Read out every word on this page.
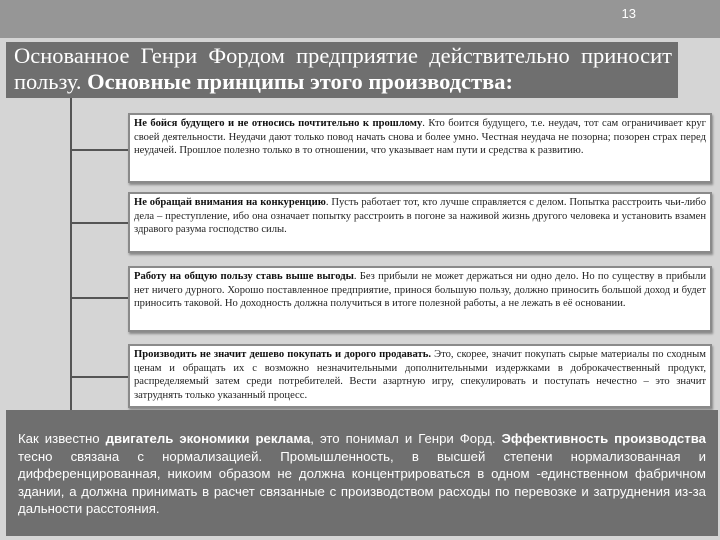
13
Основанное Генри Фордом предприятие действительно приносит пользу. Основные принципы этого производства:
Не бойся будущего и не относись почтительно к прошлому. Кто боится будущего, т.е. неудач, тот сам ограничивает круг своей деятельности. Неудачи дают только повод начать снова и более умно. Честная неудача не позорна; позорен страх перед неудачей. Прошлое полезно только в то отношении, что указывает нам пути и средства к развитию.
Не обращай внимания на конкуренцию. Пусть работает тот, кто лучше справляется с делом. Попытка расстроить чьи-либо дела – преступление, ибо она означает попытку расстроить в погоне за наживой жизнь другого человека и установить взамен здравого разума господство силы.
Работу на общую пользу ставь выше выгоды. Без прибыли не может держаться ни одно дело. Но по существу в прибыли нет ничего дурного. Хорошо поставленное предприятие, принося большую пользу, должно приносить большой доход и будет приносить таковой. Но доходность должна получиться в итоге полезной работы, а не лежать в её основании.
Производить не значит дешево покупать и дорого продавать. Это, скорее, значит покупать сырые материалы по сходным ценам и обращать их с возможно незначительными дополнительными издержками в доброкачественный продукт, распределяемый затем среди потребителей. Вести азартную игру, спекулировать и поступать нечестно – это значит затруднять только указанный процесс.
Как известно двигатель экономики реклама, это понимал и Генри Форд. Эффективность производства тесно связана с нормализацией. Промышленность, в высшей степени нормализованная и дифференцированная, никоим образом не должна концентрироваться в одном -единственном фабричном здании, а должна принимать в расчет связанные с производством расходы по перевозке и затруднения из-за дальности расстояния.
